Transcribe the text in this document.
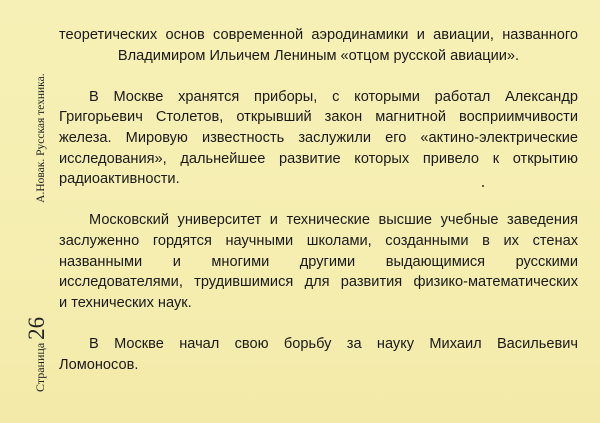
Страница
26
А.Новак. Русская техника.
теоретических основ современной аэродинамики и авиации, названного
Владимиром Ильичем Лениным «отцом русской авиации».
В Москве хранятся приборы, с которыми работал Александр
Григорьевич Столетов, открывший закон магнитной восприимчивости
железа. Мировую известность заслужили его «актино-электрические
исследования», дальнейшее развитие которых привело к открытию
радиоактивности.
Московский университет и технические высшие учебные заведения
заслуженно гордятся научными школами, созданными в их стенах
названными и многими другими выдающимися русскими
исследователями, трудившимися для развития физико-математических
и технических наук.
В Москве начал свою борьбу за науку Михаил Васильевич
Ломоносов.
